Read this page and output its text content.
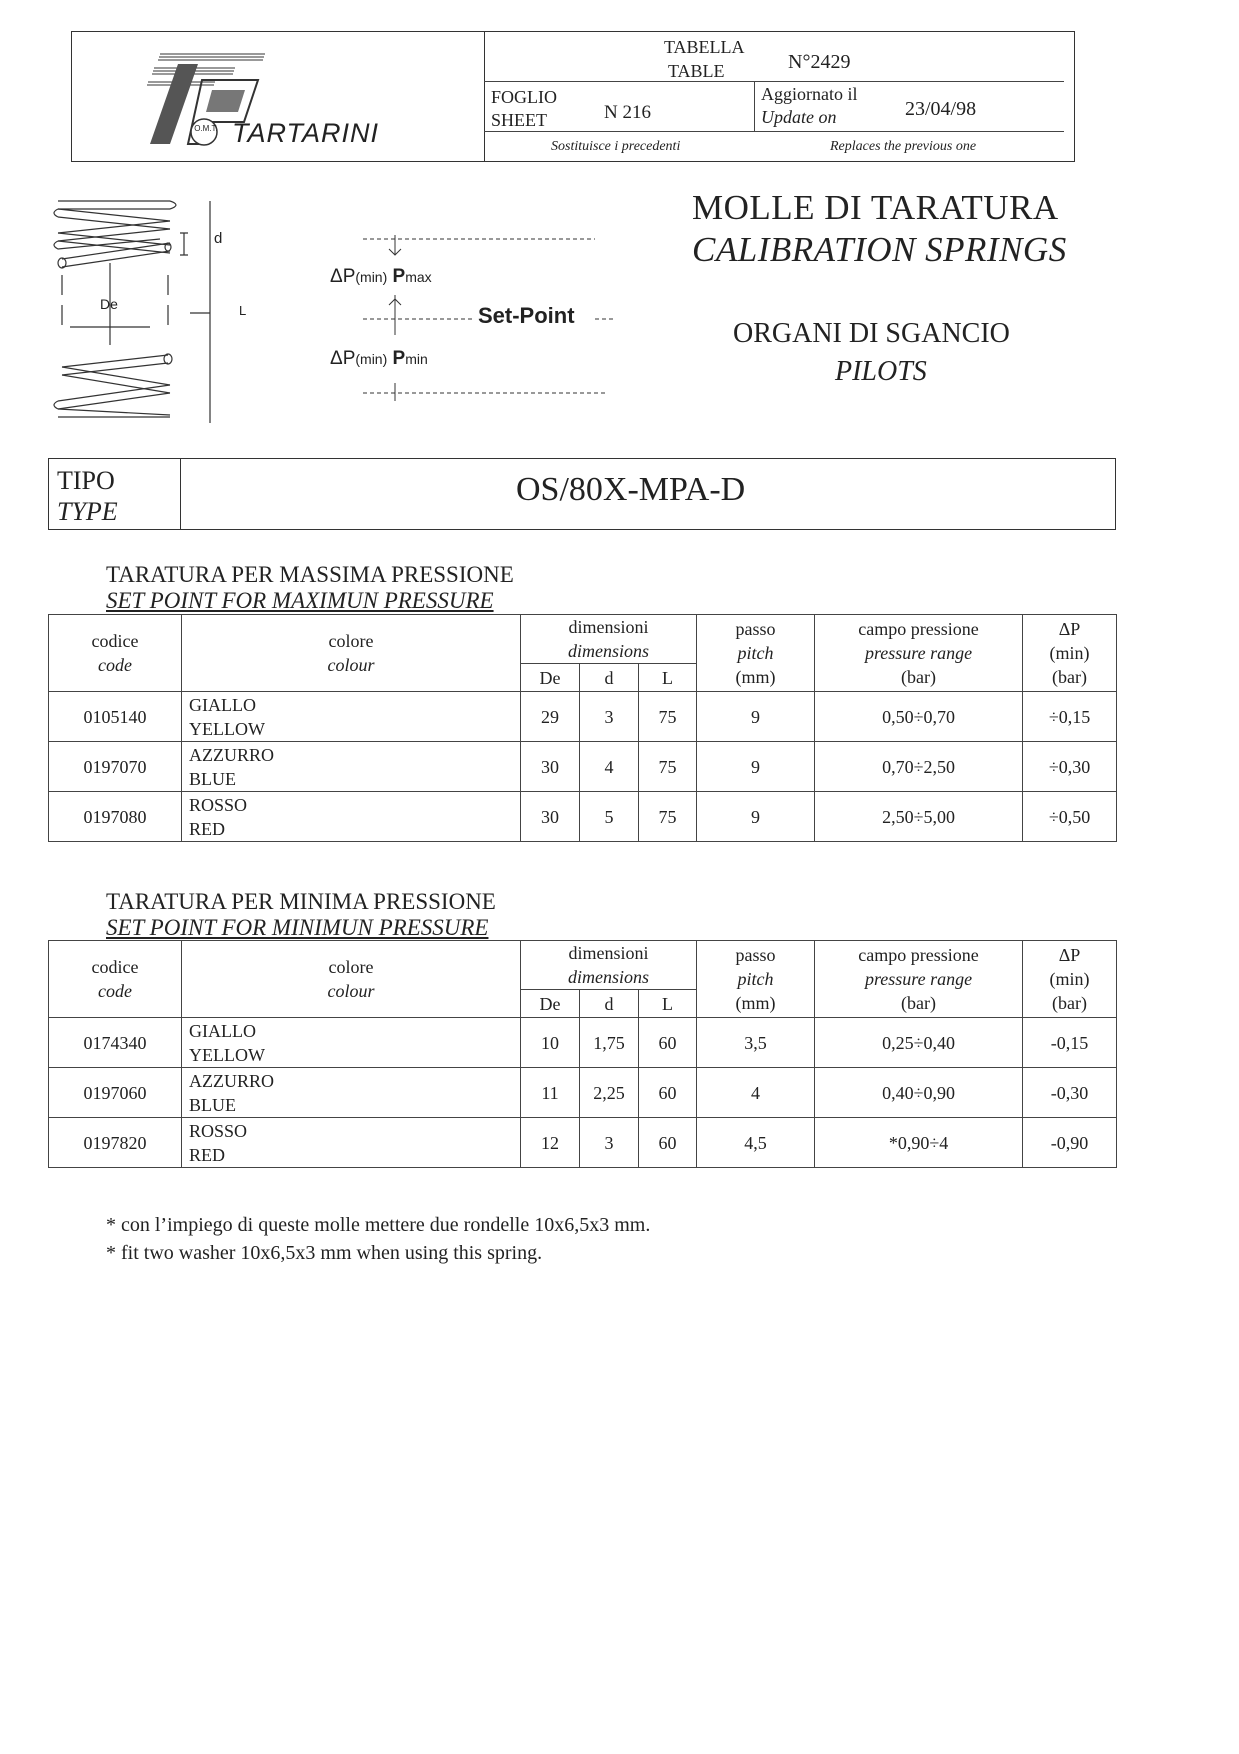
O.M.T. TARTARINI
TABELLA
TABLE	N°2429
FOGLIO
SHEET	N 216
Aggiornato il
Update on	23/04/98
Sostituisce i precedenti	Replaces the previous one
d
De	L
ΔP(min) Pmax
Set-Point
ΔP(min) Pmin
MOLLE DI TARATURA
CALIBRATION SPRINGS
ORGANI DI SGANCIO
PILOTS
TIPO
TYPE
OS/80X-MPA-D
TARATURA PER MASSIMA PRESSIONE
SET POINT FOR MAXIMUN PRESSURE
codice
code	colore
colour	dimensioni
dimensions			passo
pitch
(mm)	campo pressione
pressure range
(bar)	ΔP
(min)
(bar)

		De	d	L			
0105140	GIALLO
YELLOW	29	3	75	9	0,50÷0,70	÷0,15
0197070	AZZURRO
BLUE	30	4	75	9	0,70÷2,50	÷0,30
0197080	ROSSO
RED	30	5	75	9	2,50÷5,00	÷0,50
TARATURA PER MINIMA PRESSIONE
SET POINT FOR MINIMUN PRESSURE
codice
code	colore
colour	dimensioni
dimensions			passo
pitch
(mm)	campo pressione
pressure range
(bar)	ΔP
(min)
(bar)

		De	d	L			
0174340	GIALLO
YELLOW	10	1,75	60	3,5	0,25÷0,40	-0,15
0197060	AZZURRO
BLUE	11	2,25	60	4	0,40÷0,90	-0,30
0197820	ROSSO
RED	12	3	60	4,5	*0,90÷4	-0,90
* con l’impiego di queste molle mettere due rondelle 10x6,5x3 mm.
* fit two washer 10x6,5x3 mm when using this spring.
